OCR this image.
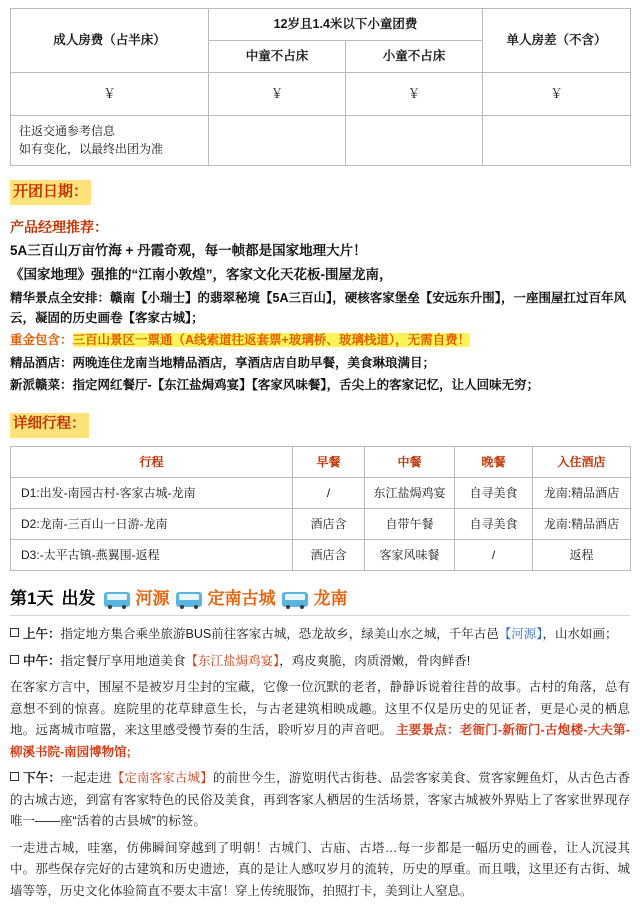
成人房费（占半床）	12岁且1.4米以下小童团费		单人房差（不含）
	中童不占床	小童不占床	
￥	￥	￥	￥

往返交通参考信息
如有变化，以最终出团为准			

开团日期：
产品经理推荐：
5A三百山万亩竹海 + 丹霞奇观，每一帧都是国家地理大片！
《国家地理》强推的“江南小敦煌”，客家文化天花板-围屋龙南，
精华景点全安排：赣南【小瑞士】的翡翠秘境【5A三百山】，硬核客家堡垒【安远东升围】，一座围屋扛过百年风云，凝固的历史画卷【客家古城】；
重金包含：三百山景区一票通（A线索道往返套票+玻璃桥、玻璃栈道），无需自费！
精品酒店：两晚连住龙南当地精品酒店，享酒店店自助早餐，美食琳琅满目；
新派赣菜：指定网红餐厅-【东江盐焗鸡宴】【客家风味餐】，舌尖上的客家记忆，让人回味无穷；
详细行程：
行程	早餐	中餐	晚餐	入住酒店
D1:出发-南园古村-客家古城-龙南	/	东江盐焗鸡宴	自寻美食	龙南:精品酒店
D2:龙南-三百山一日游-龙南	酒店含	自带午餐	自寻美食	龙南:精品酒店
D3:-太平古镇-燕翼围-返程	酒店含	客家风味餐	/	返程
第1天 出发 河源 定南古城 龙南
上午：指定地方集合乘坐旅游BUS前往客家古城，恐龙故乡，绿美山水之城，千年古邑【河源】，山水如画；
中午：指定餐厅享用地道美食【东江盐焗鸡宴】，鸡皮爽脆，肉质滑嫩，骨肉鲜香!
在客家方言中，围屋不是被岁月尘封的宝藏，它像一位沉默的老者，静静诉说着往昔的故事。古村的角落，总有意想不到的惊喜。庭院里的花草肆意生长，与古老建筑相映成趣。这里不仅是历史的见证者，更是心灵的栖息地。远离城市喧嚣，来这里感受慢节奏的生活，聆听岁月的声音吧。 主要景点：老衙门-新衙门-古炮楼-大夫第-柳溪书院-南园博物馆;
下午：一起走进【定南客家古城】的前世今生，游览明代古街巷、品尝客家美食、赏客家鲤鱼灯，从古色古香的古城古迹，到富有客家特色的民俗及美食，再到客家人栖居的生活场景，客家古城被外界贴上了客家世界现存唯一——座“活着的古县城”的标签。
一走进古城，哇塞，仿佛瞬间穿越到了明朝！古城门、古庙、古塔…每一步都是一幅历史的画卷，让人沉浸其中。那些保存完好的古建筑和历史遗迹，真的是让人感叹岁月的流转，历史的厚重。而且哦，这里还有古街、城墙等等，历史文化体验简直不要太丰富！穿上传统服饰，拍照打卡，美到让人窒息。
